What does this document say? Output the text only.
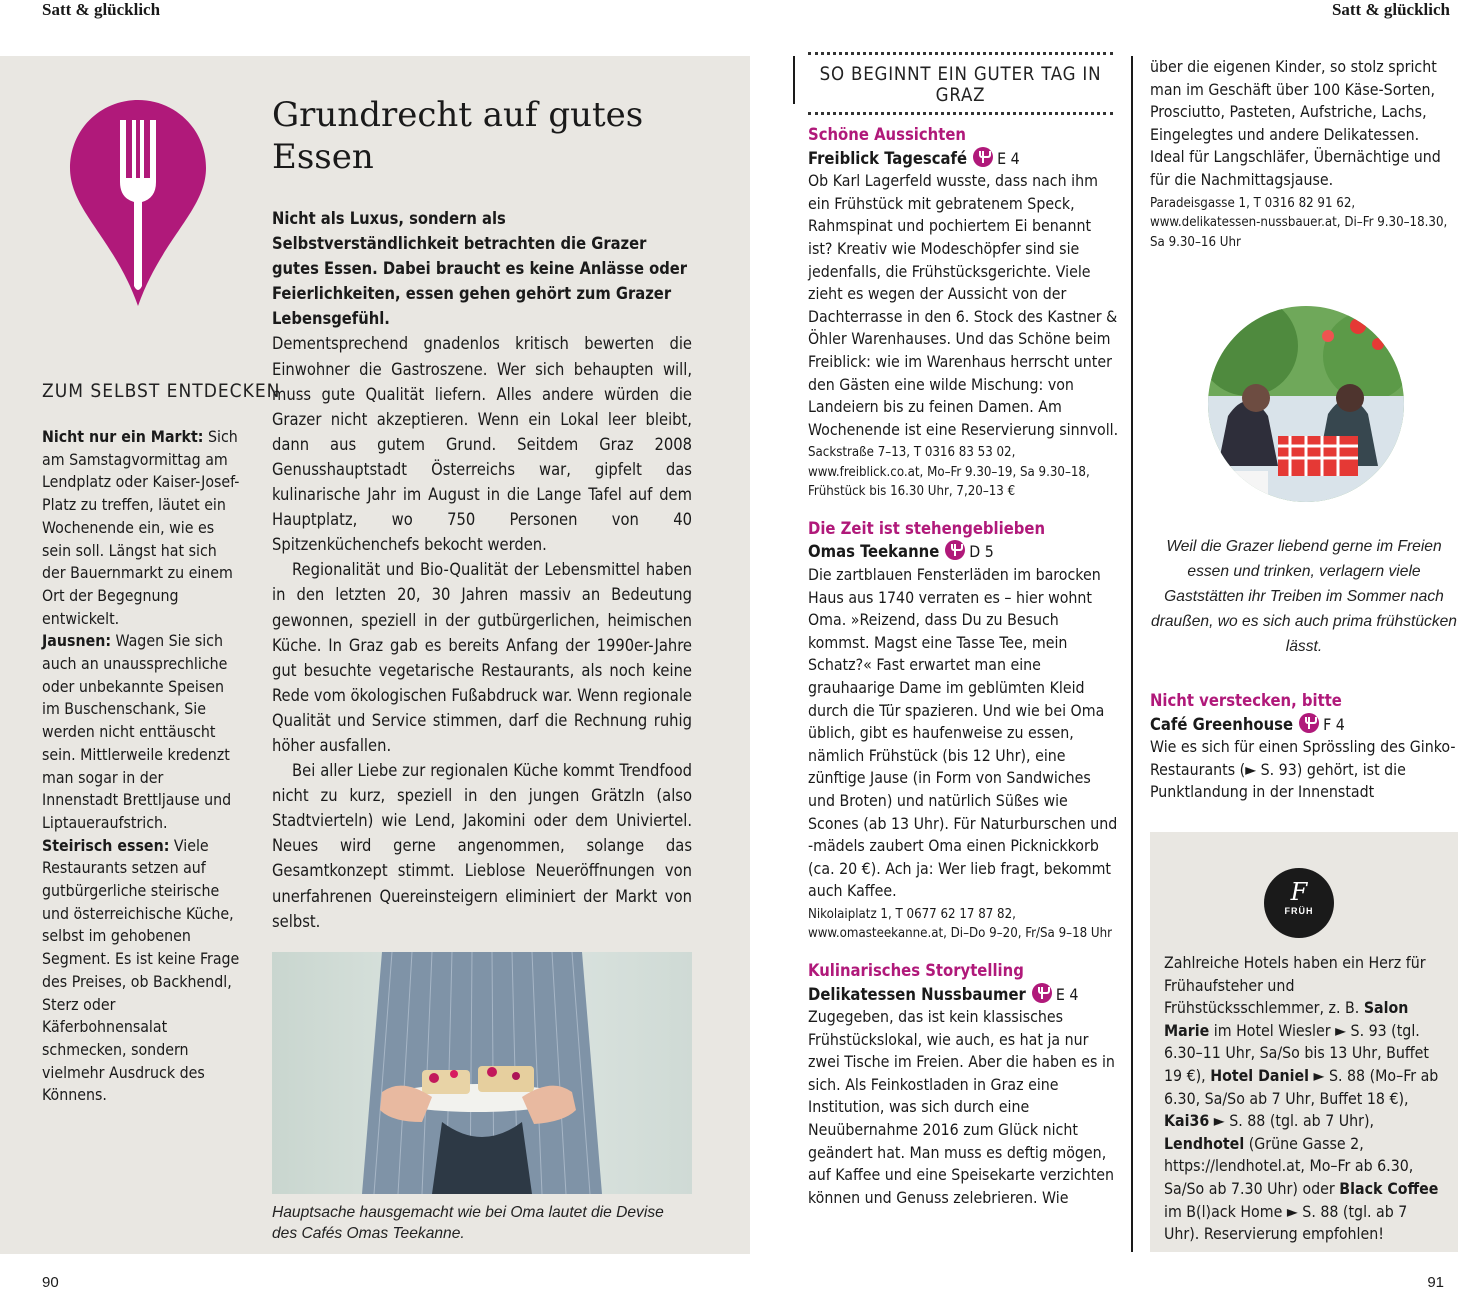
Satt & glücklich	Satt & glücklich
ZUM SELBST ENTDECKEN
Nicht nur ein Markt: Sich am Samstagvormittag am Lendplatz oder Kaiser-Josef-Platz zu treffen, läutet ein Wochenende ein, wie es sein soll. Längst hat sich der Bauernmarkt zu einem Ort der Begegnung entwickelt.
Jausnen: Wagen Sie sich auch an unaussprechliche oder unbekannte Speisen im Buschenschank, Sie werden nicht enttäuscht sein. Mittlerweile kredenzt man sogar in der Innenstadt Brettljause und Liptaueraufstrich.
Steirisch essen: Viele Restaurants setzen auf gutbürgerliche steirische und österreichische Küche, selbst im gehobenen Segment. Es ist keine Frage des Preises, ob Backhendl, Sterz oder Käferbohnensalat schmecken, sondern vielmehr Ausdruck des Könnens.
Grundrecht auf gutes Essen

Nicht als Luxus, sondern als Selbstverständlichkeit betrachten die Grazer gutes Essen. Dabei braucht es keine Anlässe oder Feierlichkeiten, essen gehen gehört zum Grazer Lebensgefühl.

Dementsprechend gnadenlos kritisch bewerten die Einwohner die Gastroszene. Wer sich behaupten will, muss gute Qualität liefern. Alles andere würden die Grazer nicht akzeptieren. Wenn ein Lokal leer bleibt, dann aus gutem Grund. Seitdem Graz 2008 Genusshauptstadt Österreichs war, gipfelt das kulinarische Jahr im August in die Lange Tafel auf dem Hauptplatz, wo 750 Personen von 40 Spitzenküchenchefs bekocht werden.

Regionalität und Bio-Qualität der Lebensmittel haben in den letzten 20, 30 Jahren massiv an Bedeutung gewonnen, speziell in der gutbürgerlichen, heimischen Küche. In Graz gab es bereits Anfang der 1990er-Jahre gut besuchte vegetarische Restaurants, als noch keine Rede vom ökologischen Fußabdruck war. Wenn regionale Qualität und Service stimmen, darf die Rechnung ruhig höher ausfallen.

Bei aller Liebe zur regionalen Küche kommt Trendfood nicht zu kurz, speziell in den jungen Grätzln (also Stadtvierteln) wie Lend, Jakomini oder dem Univiertel. Neues wird gerne angenommen, solange das Gesamtkonzept stimmt. Lieblose Neueröffnungen von unerfahrenen Quereinsteigern eliminiert der Markt von selbst.

Hauptsache hausgemacht wie bei Oma lautet die Devise des Cafés Omas Teekanne.
SO BEGINNT EIN GUTER TAG IN GRAZ
Schöne Aussichten
Freiblick Tagescafé E 4
Ob Karl Lagerfeld wusste, dass nach ihm ein Frühstück mit gebratenem Speck, Rahmspinat und pochiertem Ei benannt ist? Kreativ wie Modeschöpfer sind sie jedenfalls, die Frühstücksgerichte. Viele zieht es wegen der Aussicht von der Dachterrasse in den 6. Stock des Kastner & Öhler Warenhauses. Und das Schöne beim Freiblick: wie im Warenhaus herrscht unter den Gästen eine wilde Mischung: von Landeiern bis zu feinen Damen. Am Wochenende ist eine Reservierung sinnvoll.
Sackstraße 7–13, T 0316 83 53 02, www.freiblick.co.at, Mo–Fr 9.30–19, Sa 9.30–18, Frühstück bis 16.30 Uhr, 7,20–13 €
Die Zeit ist stehengeblieben
Omas Teekanne D 5
Die zartblauen Fensterläden im barocken Haus aus 1740 verraten es – hier wohnt Oma. »Reizend, dass Du zu Besuch kommst. Magst eine Tasse Tee, mein Schatz?« Fast erwartet man eine grauhaarige Dame im geblümten Kleid durch die Tür spazieren. Und wie bei Oma üblich, gibt es haufenweise zu essen, nämlich Frühstück (bis 12 Uhr), eine zünftige Jause (in Form von Sandwiches und Broten) und natürlich Süßes wie Scones (ab 13 Uhr). Für Naturburschen und -mädels zaubert Oma einen Picknickkorb (ca. 20 €). Ach ja: Wer lieb fragt, bekommt auch Kaffee.
Nikolaiplatz 1, T 0677 62 17 87 82, www.omasteekanne.at, Di–Do 9–20, Fr/Sa 9–18 Uhr
Kulinarisches Storytelling
Delikatessen Nussbaumer E 4
Zugegeben, das ist kein klassisches Frühstückslokal, wie auch, es hat ja nur zwei Tische im Freien. Aber die haben es in sich. Als Feinkostladen in Graz eine Institution, was sich durch eine Neuübernahme 2016 zum Glück nicht geändert hat. Man muss es deftig mögen, auf Kaffee und eine Speisekarte verzichten können und Genuss zelebrieren. Wie
über die eigenen Kinder, so stolz spricht man im Geschäft über 100 Käse-Sorten, Prosciutto, Pasteten, Aufstriche, Lachs, Eingelegtes und andere Delikatessen. Ideal für Langschläfer, Übernächtige und für die Nachmittagsjause.
Paradeisgasse 1, T 0316 82 91 62, www.delikatessen-nussbauer.at, Di–Fr 9.30–18.30, Sa 9.30–16 Uhr
Weil die Grazer liebend gerne im Freien essen und trinken, verlagern viele Gaststätten ihr Treiben im Sommer nach draußen, wo es sich auch prima frühstücken lässt.
Nicht verstecken, bitte
Café Greenhouse F 4
Wie es sich für einen Sprössling des Ginko-Restaurants (► S. 93) gehört, ist die Punktlandung in der Innenstadt
F
FRÜH
Zahlreiche Hotels haben ein Herz für Frühaufsteher und Frühstücksschlemmer, z. B. Salon Marie im Hotel Wiesler ► S. 93 (tgl. 6.30–11 Uhr, Sa/So bis 13 Uhr, Buffet 19 €), Hotel Daniel ► S. 88 (Mo–Fr ab 6.30, Sa/So ab 7 Uhr, Buffet 18 €), Kai36 ► S. 88 (tgl. ab 7 Uhr), Lendhotel (Grüne Gasse 2, https://lendhotel.at, Mo–Fr ab 6.30, Sa/So ab 7.30 Uhr) oder Black Coffee im B(l)ack Home ► S. 88 (tgl. ab 7 Uhr). Reservierung empfohlen!
90	91
